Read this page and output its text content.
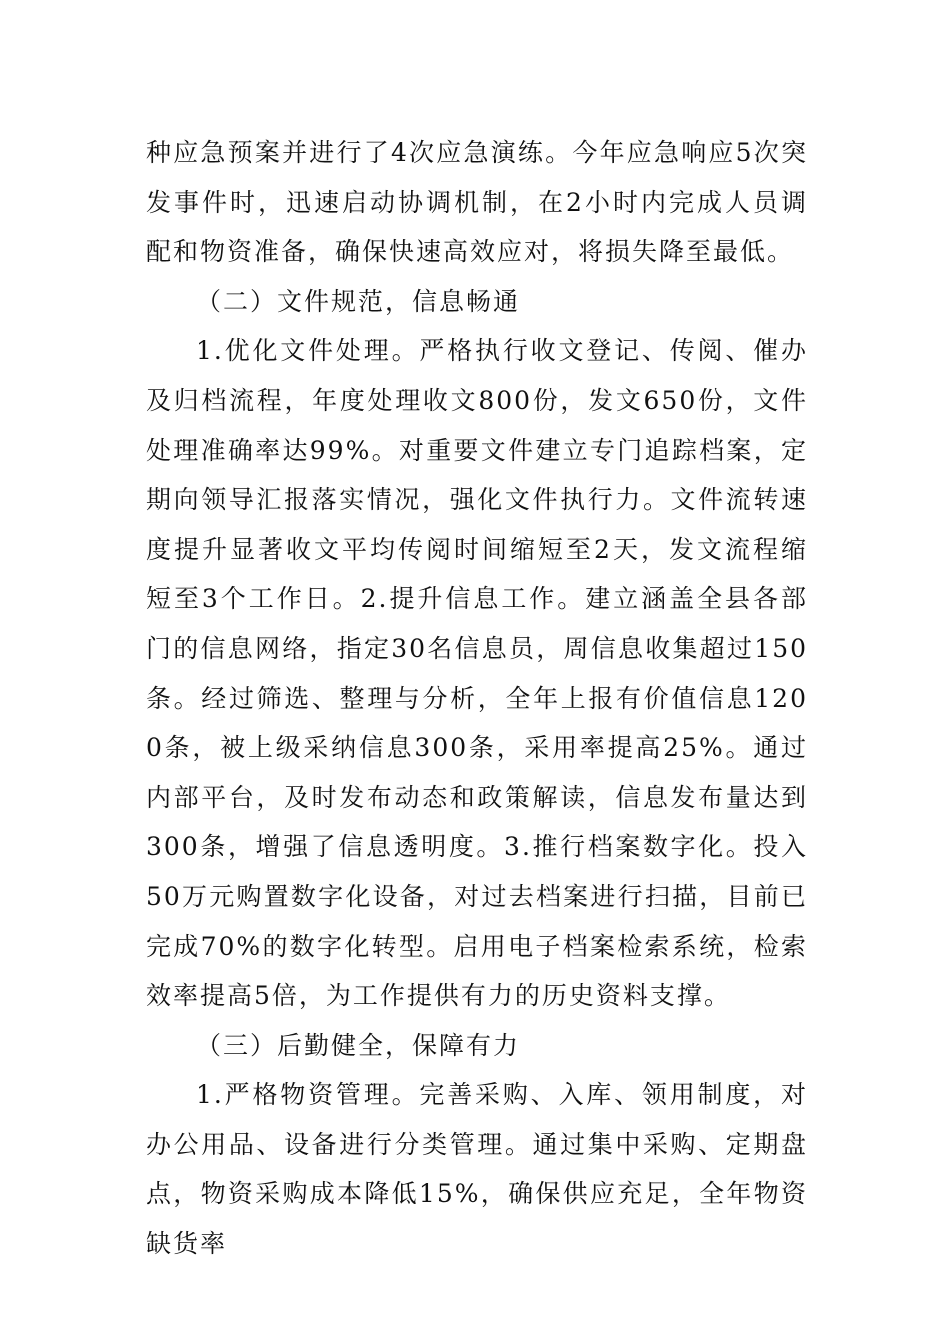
种应急预案并进行了4次应急演练。今年应急响应5次突发事件时，迅速启动协调机制，在2小时内完成人员调配和物资准备，确保快速高效应对，将损失降至最低。

（二）文件规范，信息畅通

1.优化文件处理。严格执行收文登记、传阅、催办及归档流程，年度处理收文800份，发文650份，文件处理准确率达99%。对重要文件建立专门追踪档案，定期向领导汇报落实情况，强化文件执行力。文件流转速度提升显著收文平均传阅时间缩短至2天，发文流程缩短至3个工作日。2.提升信息工作。建立涵盖全县各部门的信息网络，指定30名信息员，周信息收集超过150条。经过筛选、整理与分析，全年上报有价值信息1200条，被上级采纳信息300条，采用率提高25%。通过内部平台，及时发布动态和政策解读，信息发布量达到300条，增强了信息透明度。3.推行档案数字化。投入50万元购置数字化设备，对过去档案进行扫描，目前已完成70%的数字化转型。启用电子档案检索系统，检索效率提高5倍，为工作提供有力的历史资料支撑。

（三）后勤健全，保障有力

1.严格物资管理。完善采购、入库、领用制度，对办公用品、设备进行分类管理。通过集中采购、定期盘点，物资采购成本降低15%，确保供应充足，全年物资缺货率
